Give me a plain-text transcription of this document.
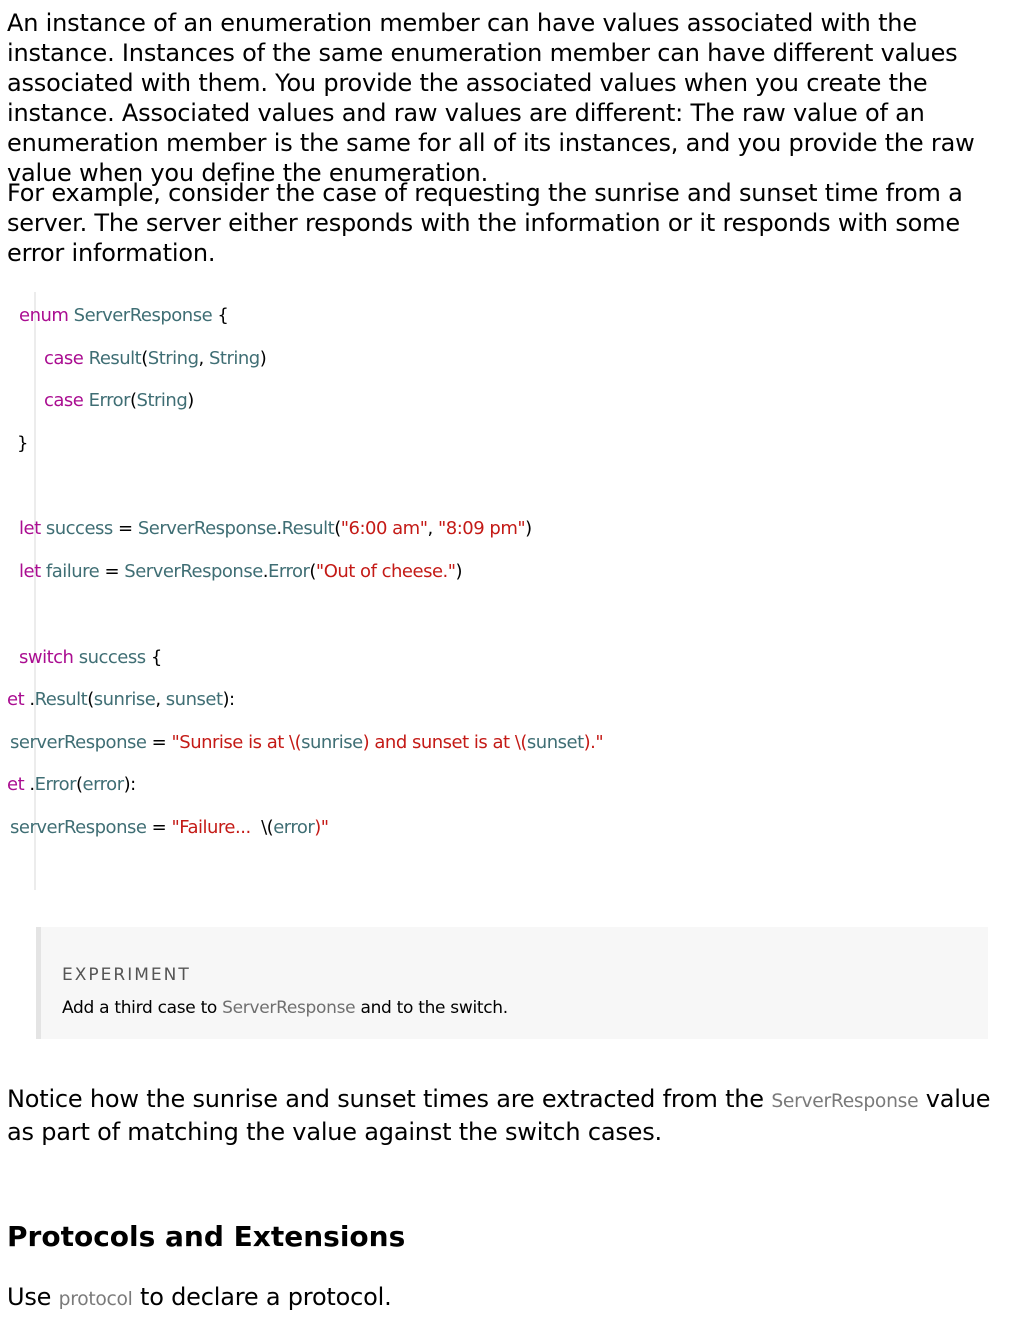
An instance of an enumeration member can have values associated with the instance. Instances of the same enumeration member can have different values associated with them. You provide the associated values when you create the instance. Associated values and raw values are different: The raw value of an enumeration member is the same for all of its instances, and you provide the raw value when you define the enumeration.

For example, consider the case of requesting the sunrise and sunset time from a server. The server either responds with the information or it responds with some error information.

enum ServerResponse {
case Result(String, String)
case Error(String)
}
let success = ServerResponse.Result("6:00 am", "8:09 pm")
let failure = ServerResponse.Error("Out of cheese.")
switch success {
et .Result(sunrise, sunset):
serverResponse = "Sunrise is at \(sunrise) and sunset is at \(sunset)."
et .Error(error):
serverResponse = "Failure...  \(error)"
EXPERIMENT
Add a third case to ServerResponse and to the switch.

Notice how the sunrise and sunset times are extracted from the ServerResponse value as part of matching the value against the switch cases.

Protocols and Extensions

Use protocol to declare a protocol.
